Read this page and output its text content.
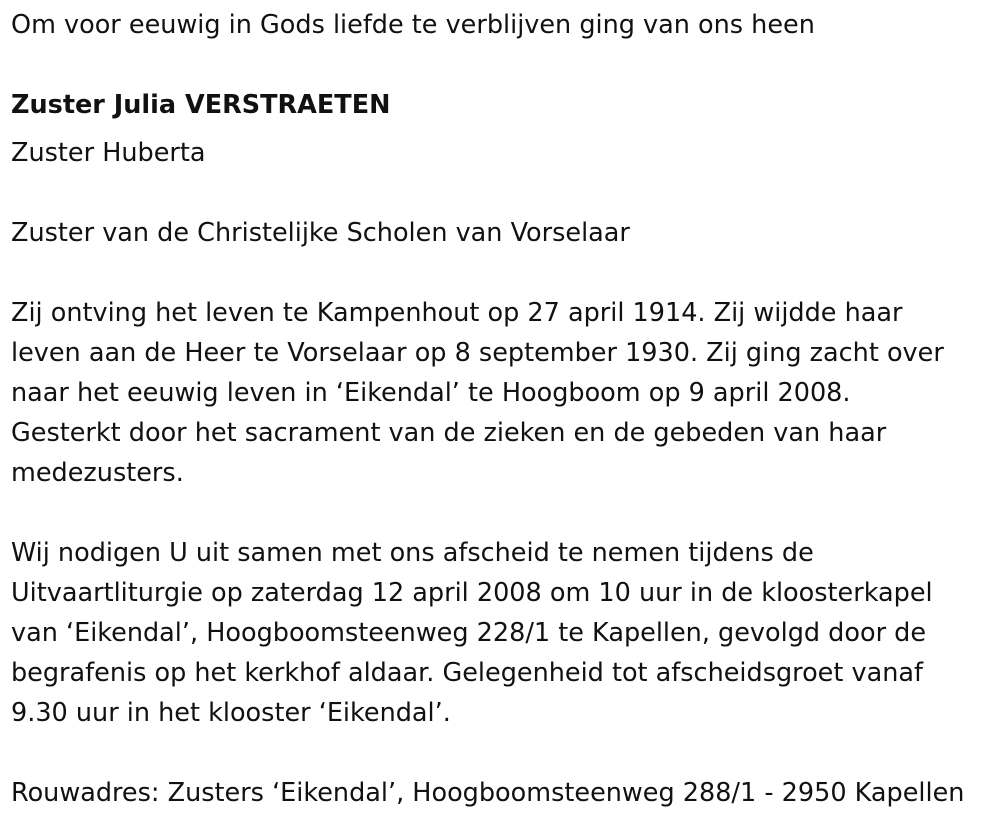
Om voor eeuwig in Gods liefde te verblijven ging van ons heen

Zuster Julia VERSTRAETEN

Zuster Huberta

Zuster van de Christelijke Scholen van Vorselaar

Zij ontving het leven te Kampenhout op 27 april 1914. Zij wijdde haar

leven aan de Heer te Vorselaar op 8 september 1930. Zij ging zacht over

naar het eeuwig leven in ‘Eikendal’ te Hoogboom op 9 april 2008.

Gesterkt door het sacrament van de zieken en de gebeden van haar

medezusters.

Wij nodigen U uit samen met ons afscheid te nemen tijdens de

Uitvaartliturgie op zaterdag 12 april 2008 om 10 uur in de kloosterkapel

van ‘Eikendal’, Hoogboomsteenweg 228/1 te Kapellen, gevolgd door de

begrafenis op het kerkhof aldaar. Gelegenheid tot afscheidsgroet vanaf

9.30 uur in het klooster ‘Eikendal’.

Rouwadres: Zusters ‘Eikendal’, Hoogboomsteenweg 288/1 - 2950 Kapellen
